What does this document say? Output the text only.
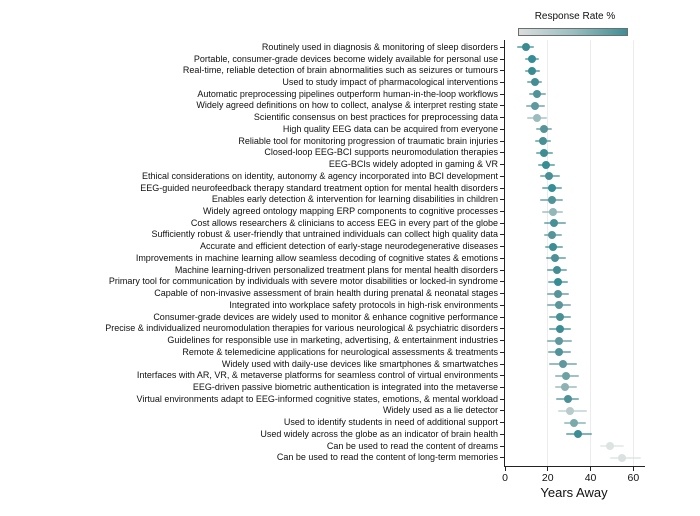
Response Rate %
0	20	40	60
Routinely used in diagnosis & monitoring of sleep disorders
Portable, consumer-grade devices become widely available for personal use
Real-time, reliable detection of brain abnormalities such as seizures or tumours
Used to study impact of pharmacological interventions
Automatic preprocessing pipelines outperform human-in-the-loop workflows
Widely agreed definitions on how to collect, analyse & interpret resting state
Scientific consensus on best practices for preprocessing data
High quality EEG data can be acquired from everyone
Reliable tool for monitoring progression of traumatic brain injuries
Closed-loop EEG-BCI supports neuromodulation therapies
EEG-BCIs widely adopted in gaming & VR
Ethical considerations on identity, autonomy & agency incorporated into BCI development
EEG-guided neurofeedback therapy standard treatment option for mental health disorders
Enables early detection & intervention for learning disabilities in children
Widely agreed ontology mapping ERP components to cognitive processes
Cost allows researchers & clinicians to access EEG in every part of the globe
Sufficiently robust & user-friendly that untrained individuals can collect high quality data
Accurate and efficient detection of early-stage neurodegenerative diseases
Improvements in machine learning allow seamless decoding of cognitive states & emotions
Machine learning-driven personalized treatment plans for mental health disorders
Primary tool for communication by individuals with severe motor disabilities or locked-in syndrome
Capable of non-invasive assessment of brain health during prenatal & neonatal stages
Integrated into workplace safety protocols in high-risk environments
Consumer-grade devices are widely used to monitor & enhance cognitive performance
Precise & individualized neuromodulation therapies for various neurological & psychiatric disorders
Guidelines for responsible use in marketing, advertising, & entertainment industries
Remote & telemedicine applications for neurological assessments & treatments
Widely used with daily-use devices like smartphones & smartwatches
Interfaces with AR, VR, & metaverse platforms for seamless control of virtual environments
EEG-driven passive biometric authentication is integrated into the metaverse
Virtual environments adapt to EEG-informed cognitive states, emotions, & mental workload
Widely used as a lie detector
Used to identify students in need of additional support
Used widely across the globe as an indicator of brain health
Can be used to read the content of dreams
Can be used to read the content of long-term memories
Years Away
